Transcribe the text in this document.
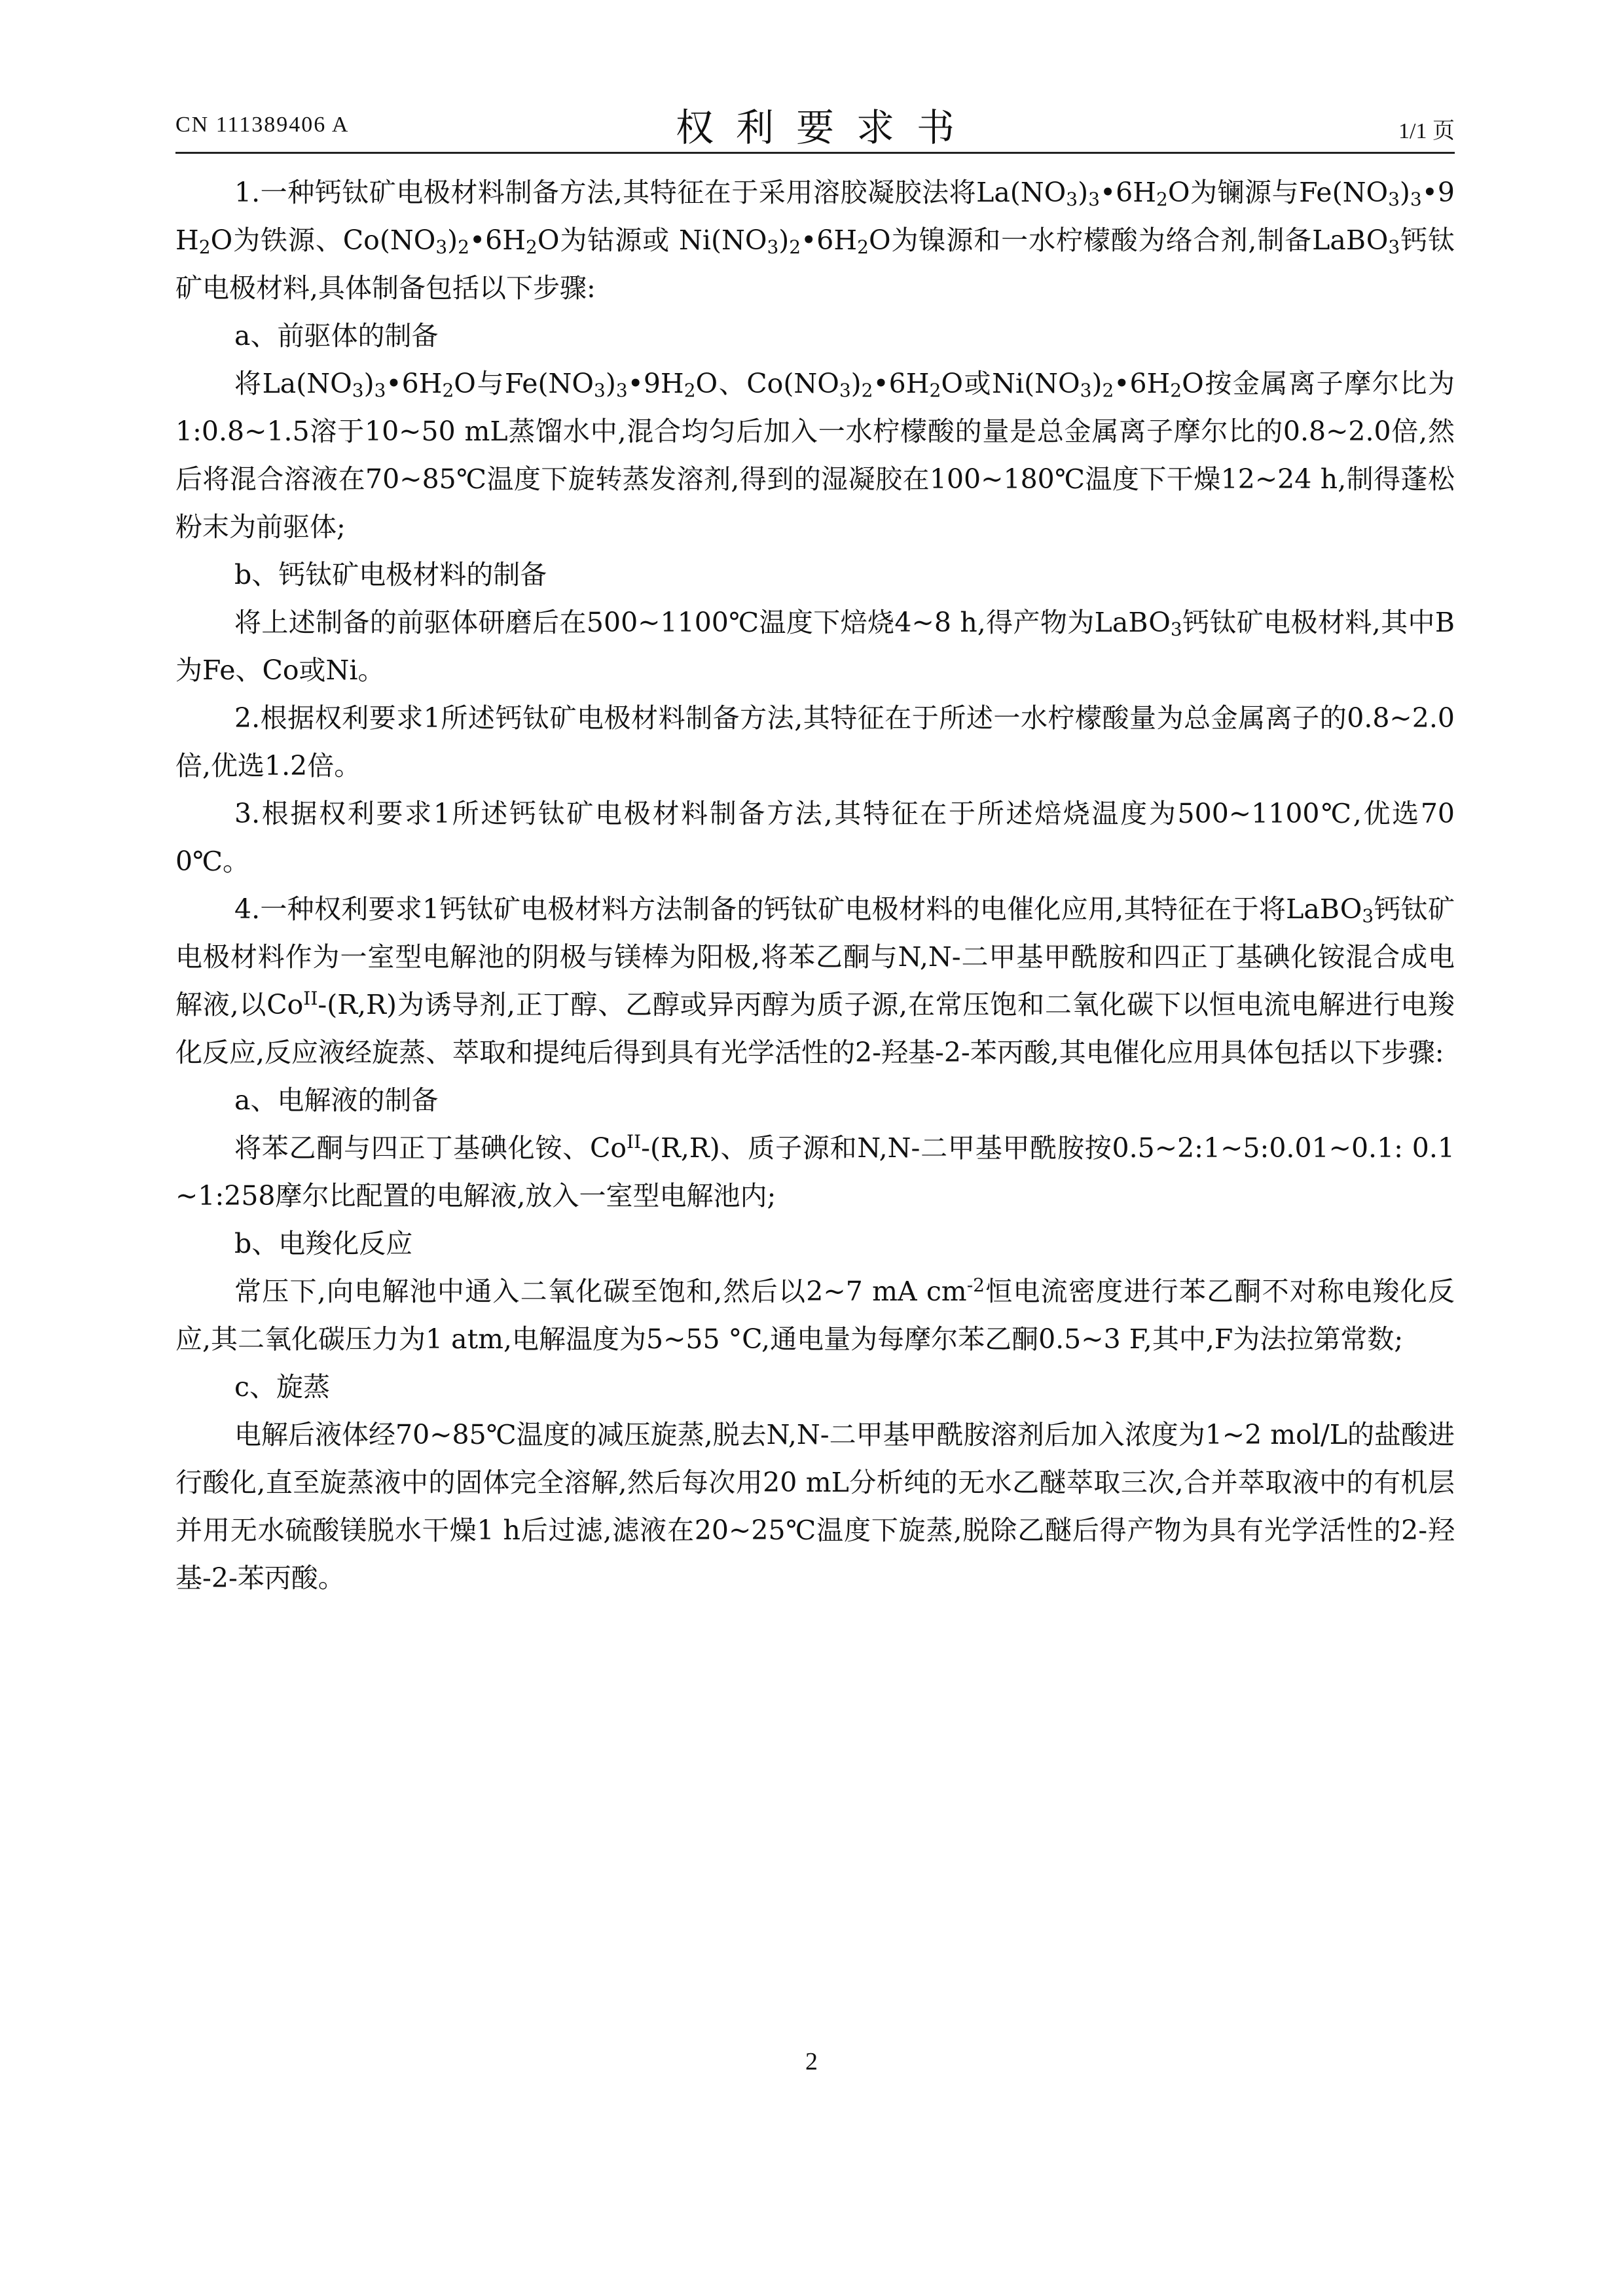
CN 111389406 A	权利要求书	1/1 页

1.一种钙钛矿电极材料制备方法,其特征在于采用溶胶凝胶法将$La(NO_3)_3•6H_2O$为镧源与$Fe(NO_3)_3•9H_2O$为铁源、$Co(NO_3)_2•6H_2O$为钴源或 $Ni(NO_3)_2•6H_2O$为镍源和一水柠檬酸为络合剂,制备LaBO$_3$钙钛矿电极材料,具体制备包括以下步骤:

a、前驱体的制备

将$La(NO_3)_3•6H_2O$与$Fe(NO_3)_3•9H_2O$、$Co(NO_3)_2•6H_2O$或$Ni(NO_3)_2•6H_2O$按金属离子摩尔比为1:0.8~1.5溶于10~50 mL蒸馏水中,混合均匀后加入一水柠檬酸的量是总金属离子摩尔比的0.8~2.0倍,然后将混合溶液在70~85℃温度下旋转蒸发溶剂,得到的湿凝胶在100~180℃温度下干燥12~24 h,制得蓬松粉末为前驱体;

b、钙钛矿电极材料的制备

将上述制备的前驱体研磨后在500~1100℃温度下焙烧4~8 h,得产物为LaBO$_3$钙钛矿电极材料,其中B为Fe、Co或Ni。

2.根据权利要求1所述钙钛矿电极材料制备方法,其特征在于所述一水柠檬酸量为总金属离子的0.8~2.0倍,优选1.2倍。

3.根据权利要求1所述钙钛矿电极材料制备方法,其特征在于所述焙烧温度为500~1100℃,优选700℃。

4.一种权利要求1钙钛矿电极材料方法制备的钙钛矿电极材料的电催化应用,其特征在于将LaBO$_3$钙钛矿电极材料作为一室型电解池的阴极与镁棒为阳极,将苯乙酮与N,N-二甲基甲酰胺和四正丁基碘化铵混合成电解液,以$Co^{II}-(R,R)$为诱导剂,正丁醇、乙醇或异丙醇为质子源,在常压饱和二氧化碳下以恒电流电解进行电羧化反应,反应液经旋蒸、萃取和提纯后得到具有光学活性的2-羟基-2-苯丙酸,其电催化应用具体包括以下步骤:

a、电解液的制备

将苯乙酮与四正丁基碘化铵、$Co^{II}-(R,R)$、质子源和N,N-二甲基甲酰胺按0.5~2:1~5:0.01~0.1: 0.1~1:258摩尔比配置的电解液,放入一室型电解池内;

b、电羧化反应

常压下,向电解池中通入二氧化碳至饱和,然后以2~7 mA $cm^{-2}$恒电流密度进行苯乙酮不对称电羧化反应,其二氧化碳压力为1 atm,电解温度为5~55 °C,通电量为每摩尔苯乙酮0.5~3 F,其中,F为法拉第常数;

c、旋蒸

电解后液体经70~85℃温度的减压旋蒸,脱去N,N-二甲基甲酰胺溶剂后加入浓度为1~2 mol/L的盐酸进行酸化,直至旋蒸液中的固体完全溶解,然后每次用20 mL分析纯的无水乙醚萃取三次,合并萃取液中的有机层并用无水硫酸镁脱水干燥1 h后过滤,滤液在20~25℃温度下旋蒸,脱除乙醚后得产物为具有光学活性的2-羟基-2-苯丙酸。

2
